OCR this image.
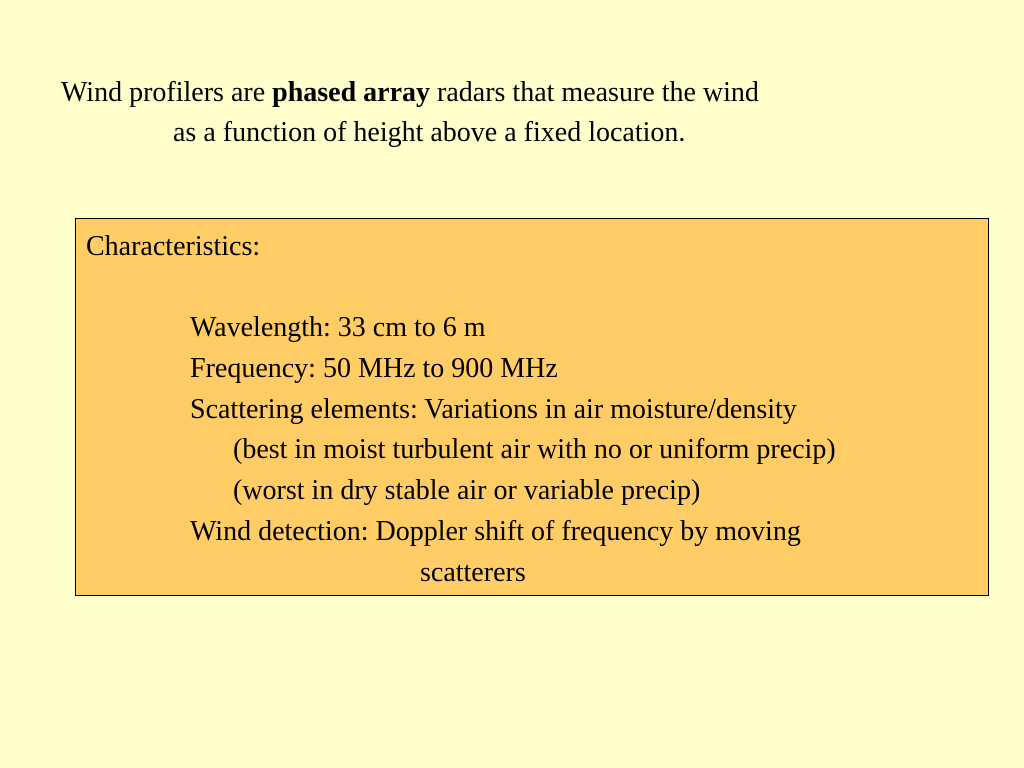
Wind profilers are phased array radars that measure the wind
as a function of height above a fixed location.
Characteristics:
Wavelength: 33 cm to 6 m
Frequency: 50 MHz to 900 MHz
Scattering elements: Variations in air moisture/density
(best in moist turbulent air with no or uniform precip)
(worst in dry stable air or variable precip)
Wind detection: Doppler shift of frequency by moving
scatterers
